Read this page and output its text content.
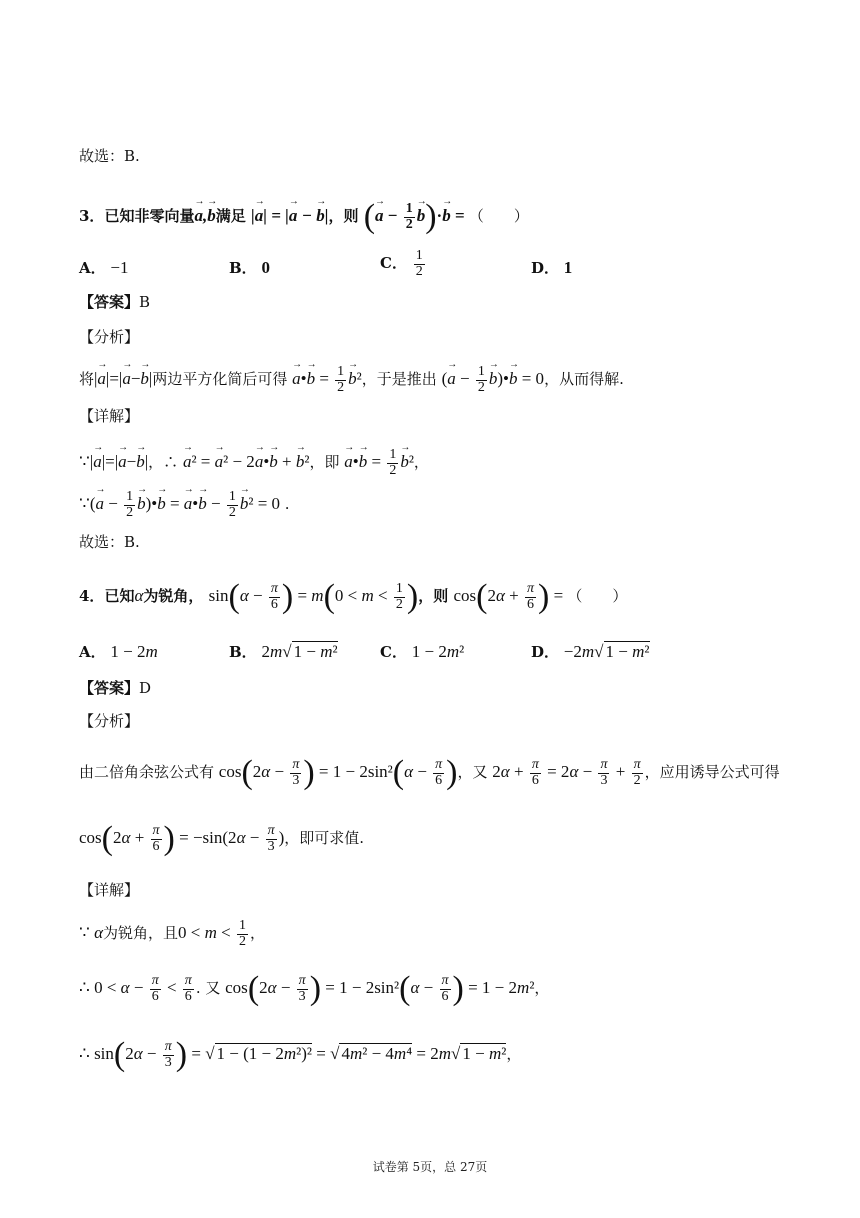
故选：B.
3．已知非零向量→ a,→ b满足 |→ a| = |→ a − → b|，则 (→ $a - \frac{1}{2}$
→ b)·→ b = （　　）
A． −1	B． 0	C． $\frac{1}{2}$	D． 1
【答案】B
【分析】
将|→ a|=|→ a−→ b|两边平方化简后可得 → a•→ $b = \frac{1}{2}$
→ b²，于是推出 (→ $a - \frac{1}{2}$
→ b)•→ b = 0，从而得解.
【详解】
∵|→ a|=|→ a−→ b|，∴ → a² = → a² − 2→ a•→ b + → b²，即 → a•→ $b = \frac{1}{2}$
→ b²，
∵(→ $a - \frac{1}{2}$
→ b)•→ b = → a•→ $b - \frac{1}{2}$
→ b² = 0 .
故选：B.
4．已知α为锐角， $\sin(\alpha - \frac{\pi}{6}$ ) = $m(0 < m < \frac{1}{2}$ )，则 $\cos(2\alpha + \frac{\pi}{6}$ ) = （　　）
A． 1 − 2m	B． 2m√ 1 − m²	C． 1 − 2m²	D． −2m√ 1 − m²
【答案】D
【分析】
由二倍角余弦公式有 $\cos(2\alpha - \frac{\pi}{3}$ ) = $1 - 2\sin^2(\alpha - \frac{\pi}{6}$ )，又 $2\alpha + \frac{\pi}{6} = 2\alpha - \frac{\pi}{3} + \frac{\pi}{2}$ ，应用诱导公式可得
$\cos(2\alpha + \frac{\pi}{6}$ ) = $-\sin(2\alpha - \frac{\pi}{3}$ )，即可求值.
【详解】
∵ α为锐角，且$0 < m < \frac{1}{2}$ ，
∴ $0 < \alpha - \frac{\pi}{6} < \frac{\pi}{6}$ . 又 $\cos(2\alpha - \frac{\pi}{3}$ ) = $1 - 2\sin^2(\alpha - \frac{\pi}{6}$ ) = 1 − 2m²，
∴ $\sin(2\alpha - \frac{\pi}{3}$ ) = √ 1 − (1 − 2m²)² = √ 4m² − 4m⁴ = 2m√ 1 − m²，
试卷第 5页，总 27页
